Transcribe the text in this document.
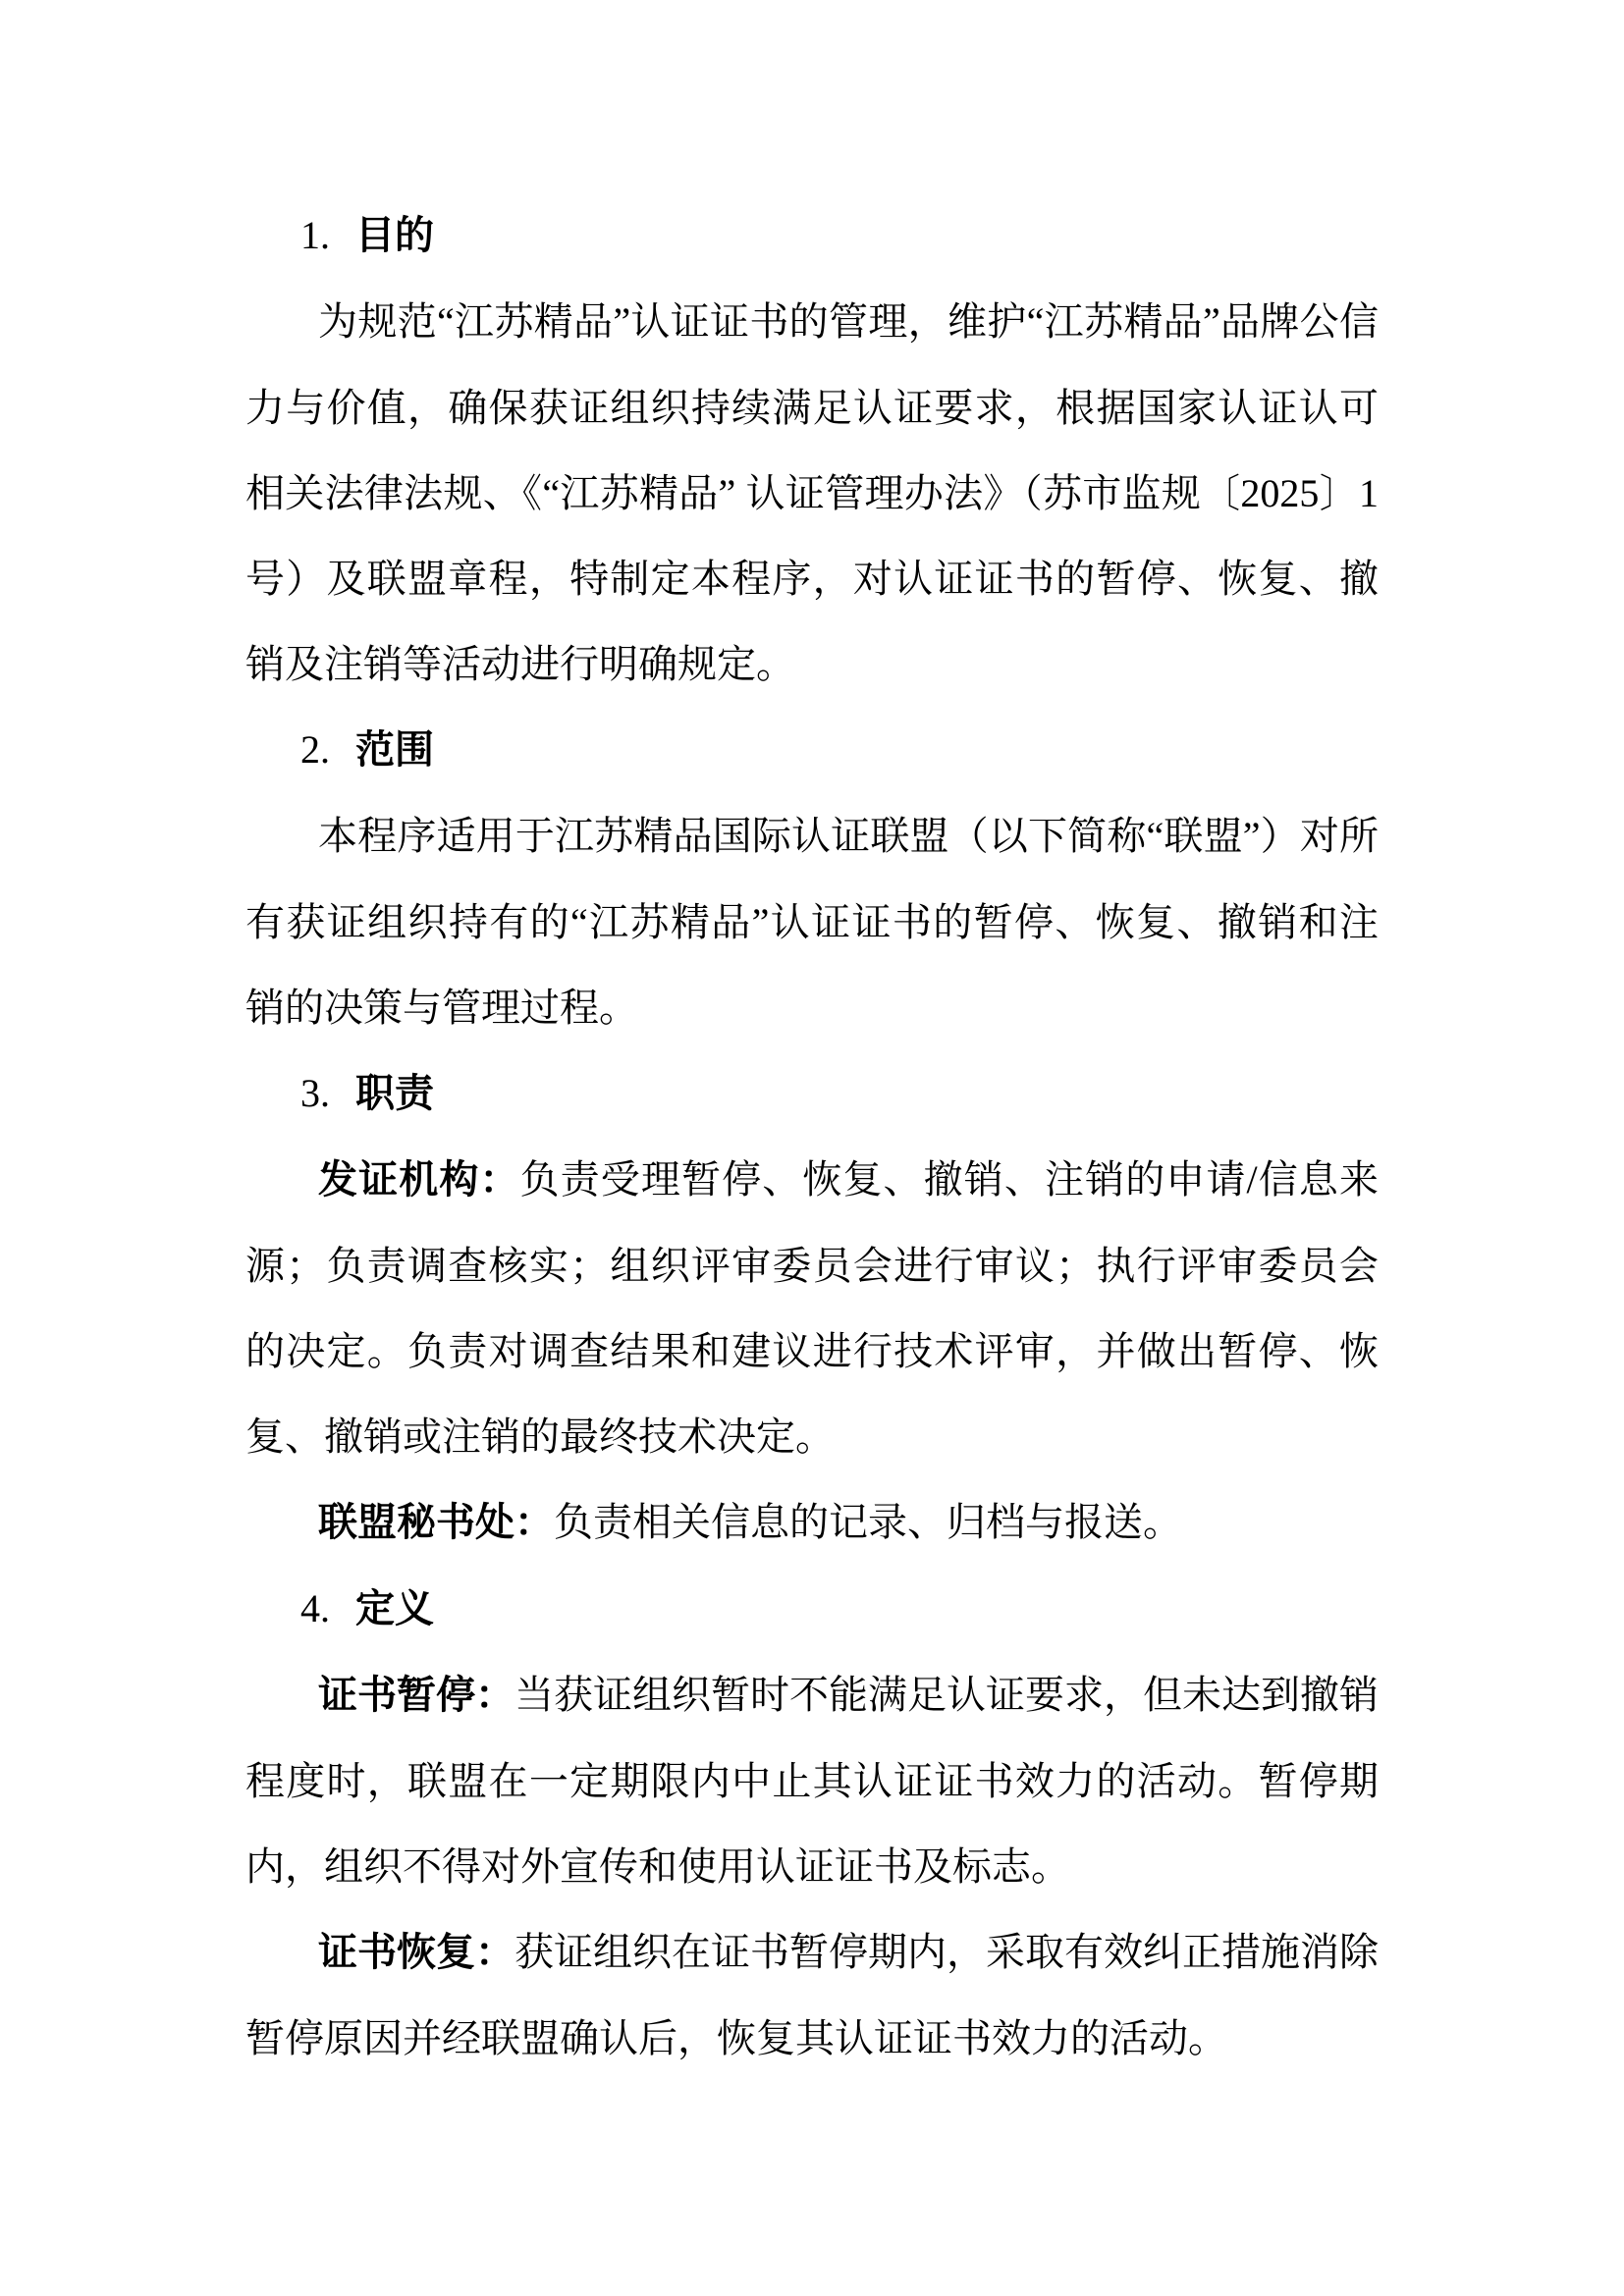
1. 目的

为规范“江苏精品”认证证书的管理，维护“江苏精品”品牌公信力与价值，确保获证组织持续满足认证要求，根据国家认证认可相关法律法规、《“江苏精品” 认证管理办法》（苏市监规〔2025〕1号）及联盟章程，特制定本程序，对认证证书的暂停、恢复、撤销及注销等活动进行明确规定。

2. 范围

本程序适用于江苏精品国际认证联盟（以下简称“联盟”）对所有获证组织持有的“江苏精品”认证证书的暂停、恢复、撤销和注销的决策与管理过程。

3. 职责

发证机构：负责受理暂停、恢复、撤销、注销的申请/信息来源；负责调查核实；组织评审委员会进行审议；执行评审委员会的决定。负责对调查结果和建议进行技术评审，并做出暂停、恢复、撤销或注销的最终技术决定。

联盟秘书处：负责相关信息的记录、归档与报送。

4. 定义

证书暂停：当获证组织暂时不能满足认证要求，但未达到撤销程度时，联盟在一定期限内中止其认证证书效力的活动。暂停期内，组织不得对外宣传和使用认证证书及标志。

证书恢复：获证组织在证书暂停期内，采取有效纠正措施消除暂停原因并经联盟确认后，恢复其认证证书效力的活动。
